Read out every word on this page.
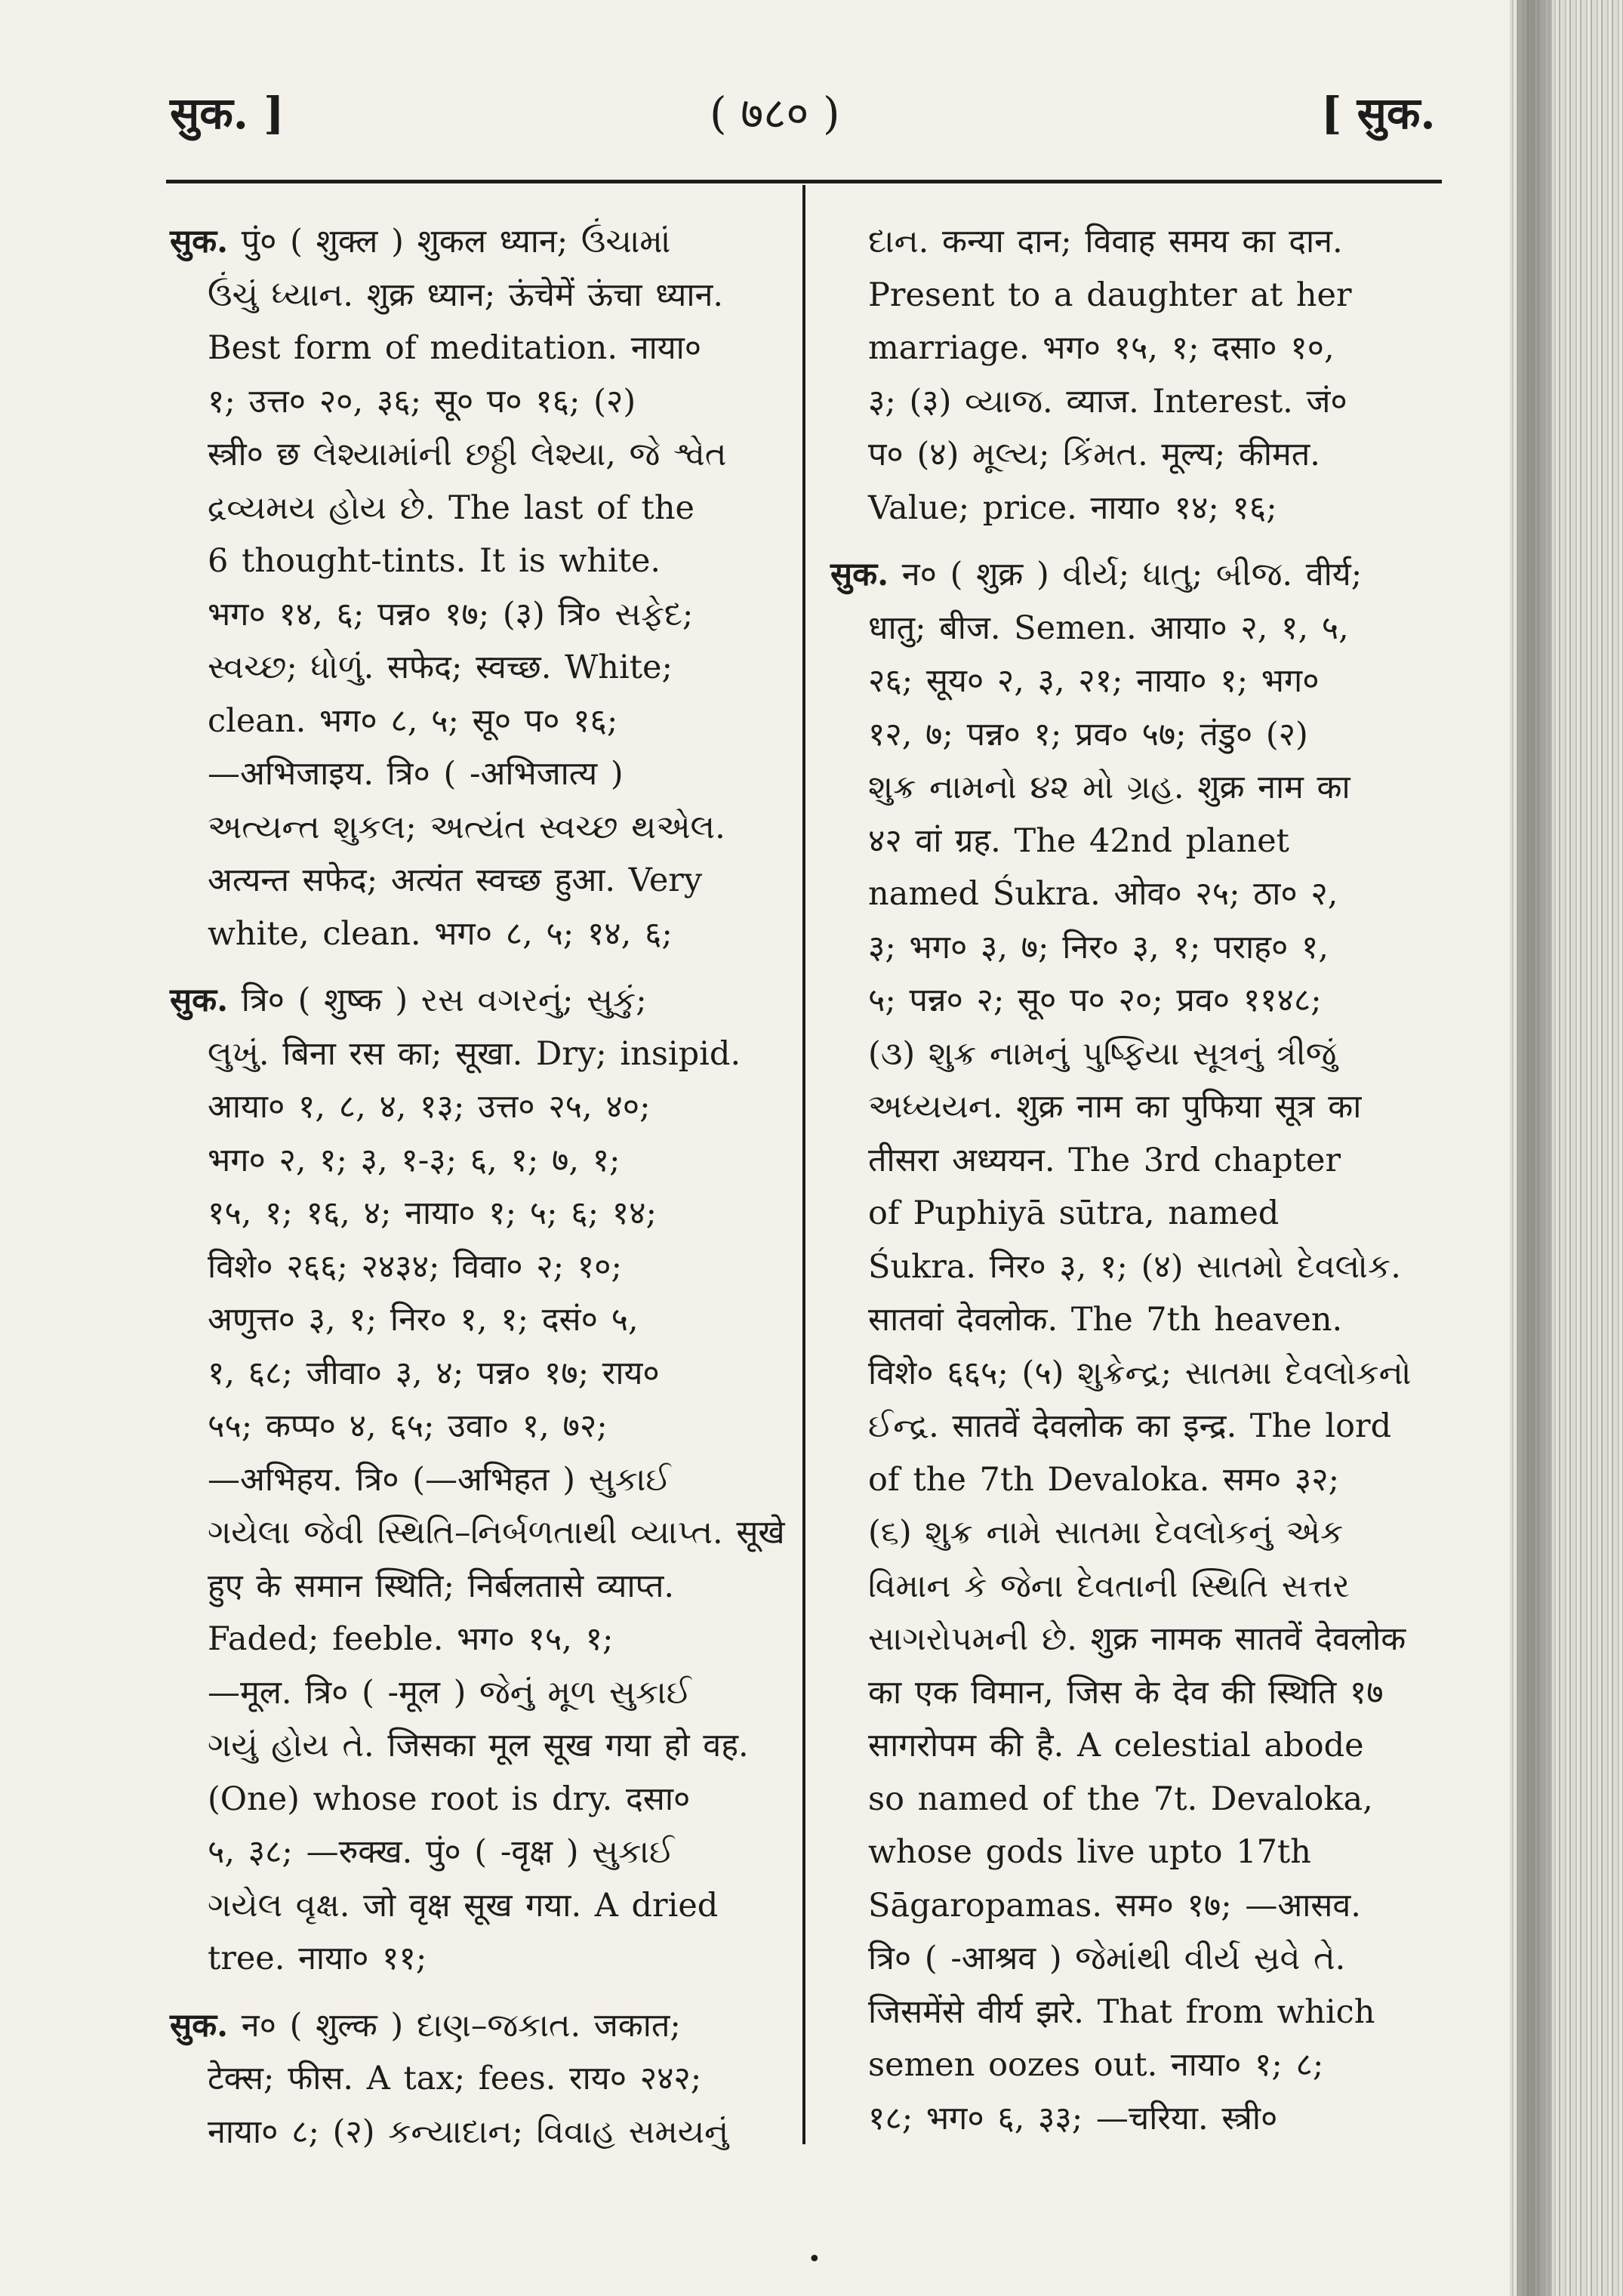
सुक. ]	( ७८० )	[ सुक.
सुक. पुं० ( शुक्ल ) शुकल ध्यान; ઉંચામાં
ઉંચું ધ્યાન. शुक्र ध्यान; ऊंचेमें ऊंचा ध्यान.
Best form of meditation. नाया०
१; उत्त० २०, ३६; सू० प० १६; (२)
स्त्री० छ લેશ્યામાંની છઠ્ઠી લેશ્યા, જે શ્વેત
દ્રવ્યમય હોય છે. The last of the
6 thought-tints. It is white.
भग० १४, ६; पन्न० १७; (३) त्रि० સફેદ;
સ્વચ્છ; ધોળું. सफेद; स्वच्छ. White;
clean. भग० ८, ५; सू० प० १६;
—अभिजाइय. त्रि० ( -अभिजात्य )
અત્યન્ત શુકલ; અત્યંત સ્વચ્છ થએલ.
अत्यन्त सफेद; अत्यंत स्वच्छ हुआ. Very
white, clean. भग० ८, ५; १४, ६;
सुक. त्रि० ( शुष्क ) રસ વગરનું; સુકું;
લુખું. बिना रस का; सूखा. Dry; insipid.
आया० १, ८, ४, १३; उत्त० २५, ४०;
भग० २, १; ३, १-३; ६, १; ७, १;
१५, १; १६, ४; नाया० १; ५; ६; १४;
विशे० २६६; २४३४; विवा० २; १०;
अणुत्त० ३, १; निर० १, १; दसं० ५,
१, ६८; जीवा० ३, ४; पन्न० १७; राय०
५५; कप्प० ४, ६५; उवा० १, ७२;
—अभिहय. त्रि० (—अभिहत ) સુકાઈ
ગયેલા જેવી સ્થિતિ–નિર્બળતાથી વ્યાપ્ત. सूखे
हुए के समान स्थिति; निर्बलतासे व्याप्त.
Faded; feeble. भग० १५, १;
—मूल. त्रि० ( -मूल ) જેનું મૂળ સુકાઈ
ગયું હોય તે. जिसका मूल सूख गया हो वह.
(One) whose root is dry. दसा०
५, ३८; —रुक्ख. पुं० ( -वृक्ष ) સુકાઈ
ગયેલ વૃક્ષ. जो वृक्ष सूख गया. A dried
tree. नाया० ११;
सुक. न० ( शुल्क ) દાણ–જકાત. जकात;
टेक्स; फीस. A tax; fees. राय० २४२;
नाया० ८; (२) કન્યાદાન; વિવાહ સમયનું
દાન. कन्या दान; विवाह समय का दान.
Present to a daughter at her
marriage. भग० १५, १; दसा० १०,
३; (३) વ્યાજ. व्याज. Interest. जं०
प० (४) મૂલ્ય; કિંમત. मूल्य; कीमत.
Value; price. नाया० १४; १६;
सुक. न० ( शुक्र ) વીર્ય; ધાતુ; બીજ. वीर्य;
धातु; बीज. Semen. आया० २, १, ५,
२६; सूय० २, ३, २१; नाया० १; भग०
१२, ७; पन्न० १; प्रव० ५७; तंडु० (२)
શુક્ર નામનો ૪૨ મો ગ્રહ. शुक्र नाम का
४२ वां ग्रह. The 42nd planet
named Śukra. ओव० २५; ठा० २,
३; भग० ३, ७; निर० ३, १; पराह० १,
५; पन्न० २; सू० प० २०; प्रव० ११४८;
(૩) શુક્ર નામનું પુષ્ફિયા સૂત્રનું ત્રીજું
અધ્યયન. शुक्र नाम का पुफिया सूत्र का
तीसरा अध्ययन. The 3rd chapter
of Puphiyā sūtra, named
Śukra. निर० ३, १; (४) સાતમો દેવલોક.
सातवां देवलोक. The 7th heaven.
विशे० ६६५; (५) શુક્રેન્દ્ર; સાતમા દેવલોકનો
ઈન્દ્ર. सातवें देवलोक का इन्द्र. The lord
of the 7th Devaloka. सम० ३२;
(૬) શુક્ર નામે સાતમા દેવલોકનું એક
વિમાન કે જેના દેવતાની સ્થિતિ સત્તર
સાગરોપમની છે. शुक्र नामक सातवें देवलोक
का एक विमान, जिस के देव की स्थिति १७
सागरोपम की है. A celestial abode
so named of the 7t. Devaloka,
whose gods live upto 17th
Sāgaropamas. सम० १७; —आसव.
त्रि० ( -आश्रव ) જેમાંથી વીર્ય સ્રવે તે.
जिसमेंसे वीर्य झरे. That from which
semen oozes out. नाया० १; ८;
१८; भग० ६, ३३; —चरिया. स्त्री०
•
